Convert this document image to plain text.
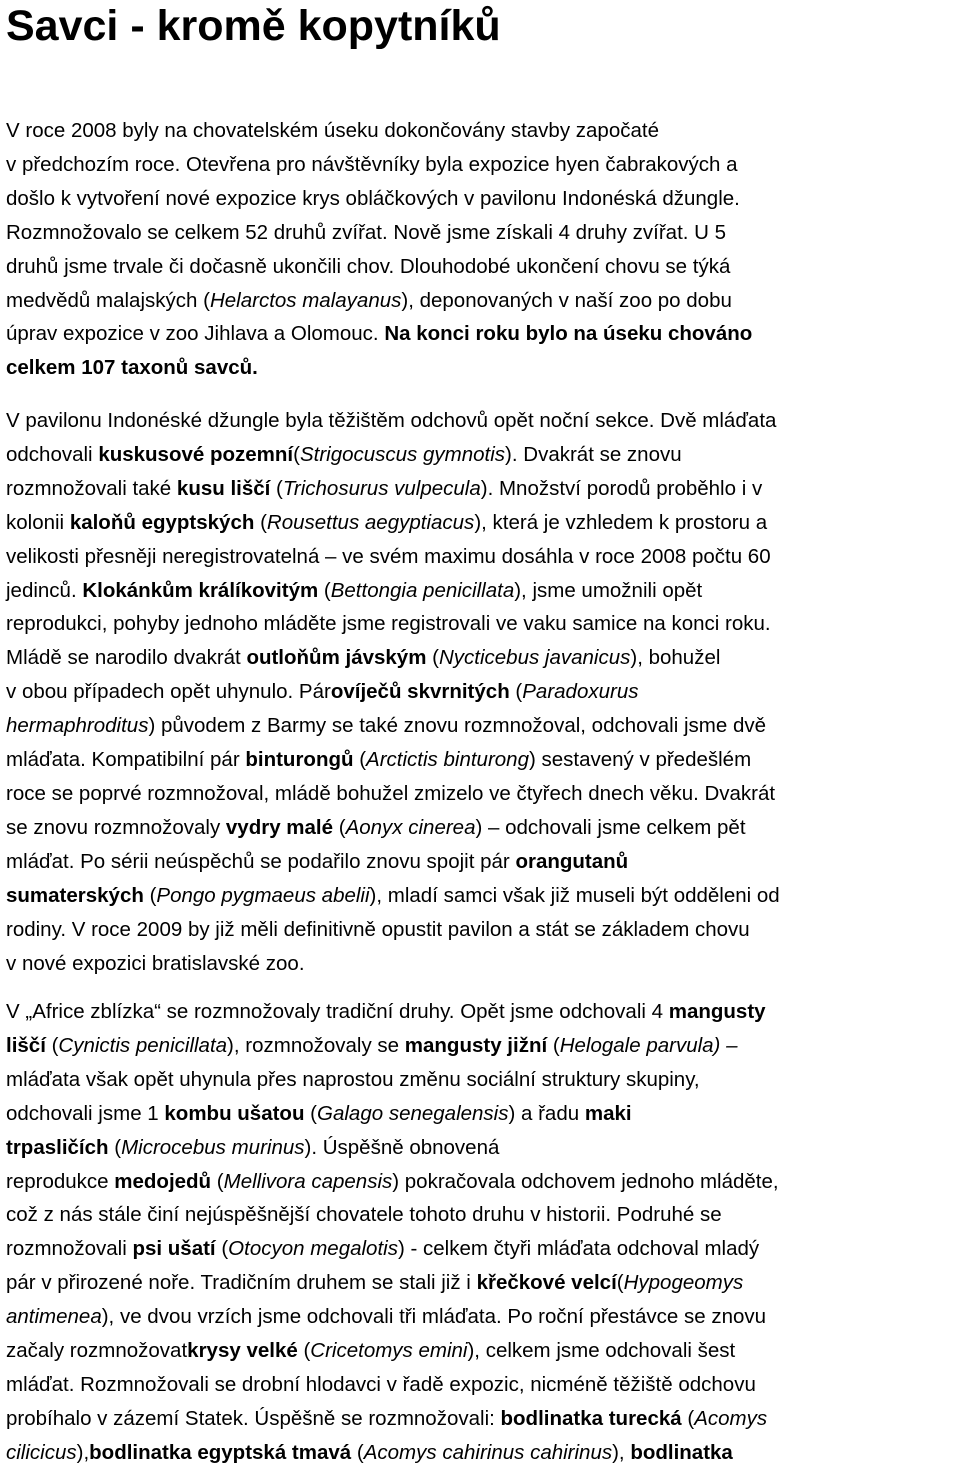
Savci - kromě kopytníků
V roce 2008 byly na chovatelském úseku dokončovány stavby započaté
v předchozím roce. Otevřena pro návštěvníky byla expozice hyen čabrakových a
došlo k vytvoření nové expozice krys obláčkových v pavilonu Indonéská džungle.
Rozmnožovalo se celkem 52 druhů zvířat. Nově jsme získali 4 druhy zvířat. U 5
druhů jsme trvale či dočasně ukončili chov. Dlouhodobé ukončení chovu se týká
medvědů malajských (Helarctos malayanus), deponovaných v naší zoo po dobu
úprav expozice v zoo Jihlava a Olomouc. Na konci roku bylo na úseku chováno
celkem 107 taxonů savců.
V pavilonu Indonéské džungle byla těžištěm odchovů opět noční sekce. Dvě mláďata
odchovali kuskusové pozemní(Strigocuscus gymnotis). Dvakrát se znovu
rozmnožovali také kusu liščí (Trichosurus vulpecula). Množství porodů proběhlo i v
kolonii kaloňů egyptských (Rousettus aegyptiacus), která je vzhledem k prostoru a
velikosti přesněji neregistrovatelná – ve svém maximu dosáhla v roce 2008 počtu 60
jedinců. Klokánkům králíkovitým (Bettongia penicillata), jsme umožnili opět
reprodukci, pohyby jednoho mláděte jsme registrovali ve vaku samice na konci roku.
Mládě se narodilo dvakrát outloňům jávským (Nycticebus javanicus), bohužel
v obou případech opět uhynulo. Párovíječů skvrnitých (Paradoxurus
hermaphroditus) původem z Barmy se také znovu rozmnožoval, odchovali jsme dvě
mláďata. Kompatibilní pár binturongů (Arctictis binturong) sestavený v předešlém
roce se poprvé rozmnožoval, mládě bohužel zmizelo ve čtyřech dnech věku. Dvakrát
se znovu rozmnožovaly vydry malé (Aonyx cinerea) – odchovali jsme celkem pět
mláďat. Po sérii neúspěchů se podařilo znovu spojit pár orangutanů
sumaterských (Pongo pygmaeus abelii), mladí samci však již museli být odděleni od
rodiny. V roce 2009 by již měli definitivně opustit pavilon a stát se základem chovu
v nové expozici bratislavské zoo.
V „Africe zblízka“ se rozmnožovaly tradiční druhy. Opět jsme odchovali 4 mangusty
liščí (Cynictis penicillata), rozmnožovaly se mangusty jižní (Helogale parvula) –
mláďata však opět uhynula přes naprostou změnu sociální struktury skupiny,
odchovali jsme 1 kombu ušatou (Galago senegalensis) a řadu maki
trpasličích (Microcebus murinus). Úspěšně obnovená
reprodukce medojedů (Mellivora capensis) pokračovala odchovem jednoho mláděte,
což z nás stále činí nejúspěšnější chovatele tohoto druhu v historii. Podruhé se
rozmnožovali psi ušatí (Otocyon megalotis) - celkem čtyři mláďata odchoval mladý
pár v přirozené noře. Tradičním druhem se stali již i křečkové velcí(Hypogeomys
antimenea), ve dvou vrzích jsme odchovali tři mláďata. Po roční přestávce se znovu
začaly rozmnožovatkrysy velké (Cricetomys emini), celkem jsme odchovali šest
mláďat. Rozmnožovali se drobní hlodavci v řadě expozic, nicméně těžiště odchovu
probíhalo v zázemí Statek. Úspěšně se rozmnožovali: bodlinatka turecká (Acomys
cilicicus),bodlinatka egyptská tmavá (Acomys cahirinus cahirinus), bodlinatka
